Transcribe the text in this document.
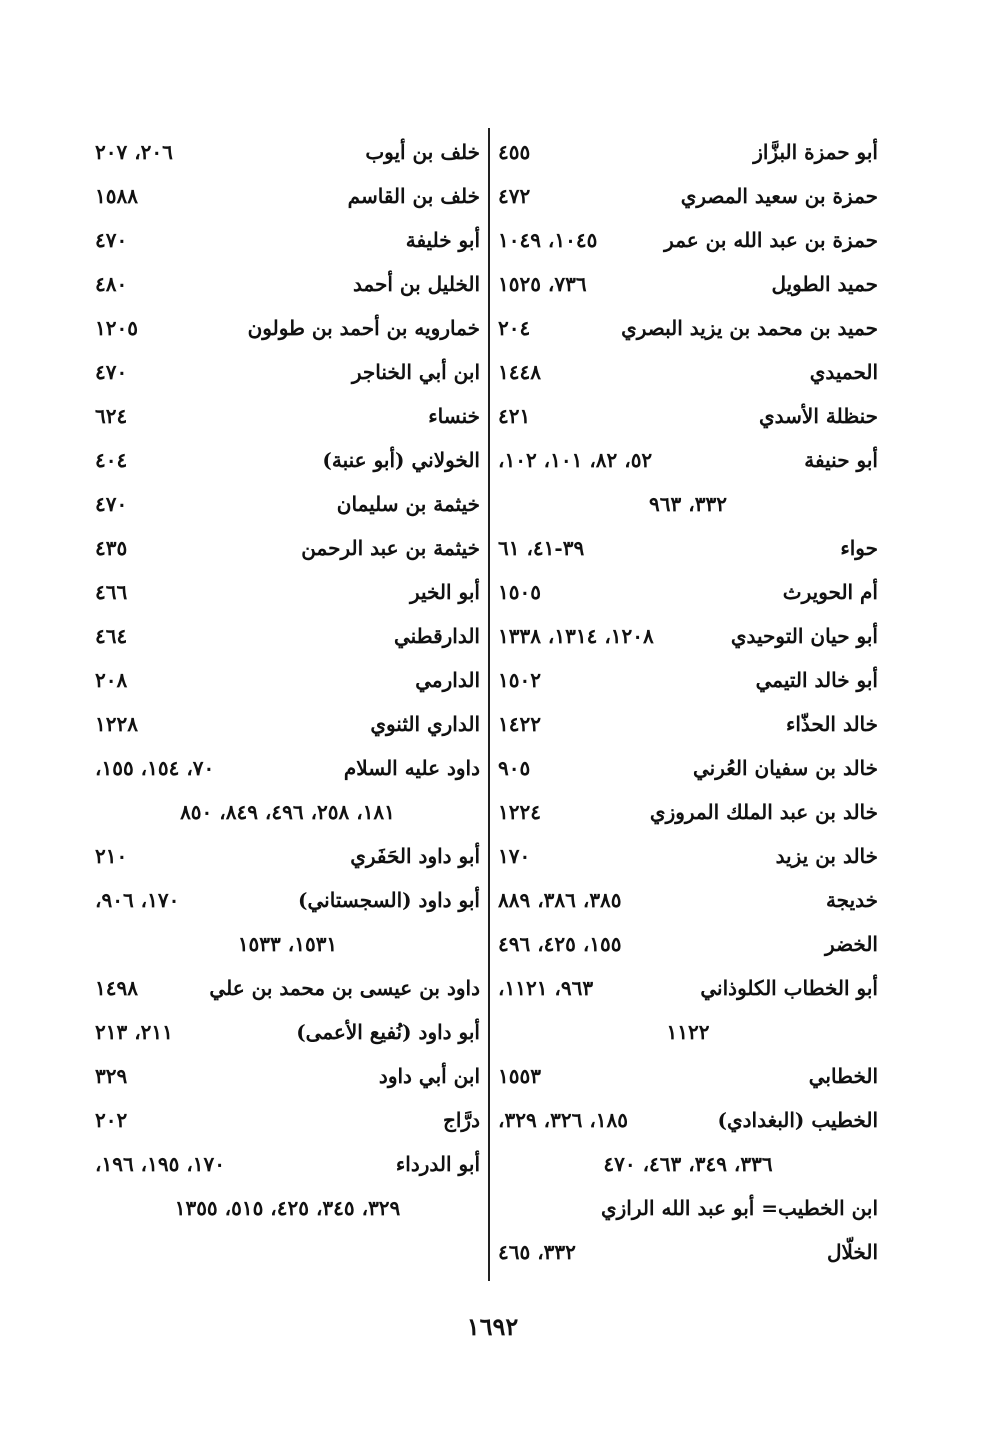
أبو حمزة البزَّاز
٤٥٥
حمزة بن سعيد المصري
٤٧٢
حمزة بن عبد الله بن عمر
١٠٤٥، ١٠٤٩
حميد الطويل
٧٣٦، ١٥٢٥
حميد بن محمد بن يزيد البصري
٢٠٤
الحميدي
١٤٤٨
حنظلة الأسدي
٤٢١
أبو حنيفة
٥٢، ٨٢، ١٠١، ١٠٢،
٣٣٢، ٩٦٣
حواء
٣٩-٤١، ٦١
أم الحويرث
١٥٠٥
أبو حيان التوحيدي
١٢٠٨، ١٣١٤، ١٣٣٨
أبو خالد التيمي
١٥٠٢
خالد الحذّاء
١٤٢٢
خالد بن سفيان العُرني
٩٠٥
خالد بن عبد الملك المروزي
١٢٢٤
خالد بن يزيد
١٧٠
خديجة
٣٨٥، ٣٨٦، ٨٨٩
الخضر
١٥٥، ٤٢٥، ٤٩٦
أبو الخطاب الكلوذاني
٩٦٣، ١١٢١،
١١٢٢
الخطابي
١٥٥٣
الخطيب (البغدادي)
١٨٥، ٣٢٦، ٣٢٩،
٣٣٦، ٣٤٩، ٤٦٣، ٤٧٠
ابن الخطيب= أبو عبد الله الرازي
الخلّال
٣٣٢، ٤٦٥
خلف بن أيوب
٢٠٦، ٢٠٧
خلف بن القاسم
١٥٨٨
أبو خليفة
٤٧٠
الخليل بن أحمد
٤٨٠
خمارويه بن أحمد بن طولون
١٢٠٥
ابن أبي الخناجر
٤٧٠
خنساء
٦٢٤
الخولاني (أبو عنبة)
٤٠٤
خيثمة بن سليمان
٤٧٠
خيثمة بن عبد الرحمن
٤٣٥
أبو الخير
٤٦٦
الدارقطني
٤٦٤
الدارمي
٢٠٨
الداري الثنوي
١٢٢٨
داود عليه السلام
٧٠، ١٥٤، ١٥٥،
١٨١، ٢٥٨، ٤٩٦، ٨٤٩، ٨٥٠
أبو داود الحَفَري
٢١٠
أبو داود (السجستاني)
١٧٠، ٩٠٦،
١٥٣١، ١٥٣٣
داود بن عيسى بن محمد بن علي
١٤٩٨
أبو داود (نُفيع الأعمى)
٢١١، ٢١٣
ابن أبي داود
٣٢٩
درَّاج
٢٠٢
أبو الدرداء
١٧٠، ١٩٥، ١٩٦،
٣٢٩، ٣٤٥، ٤٢٥، ٥١٥، ١٣٥٥
١٦٩٢
